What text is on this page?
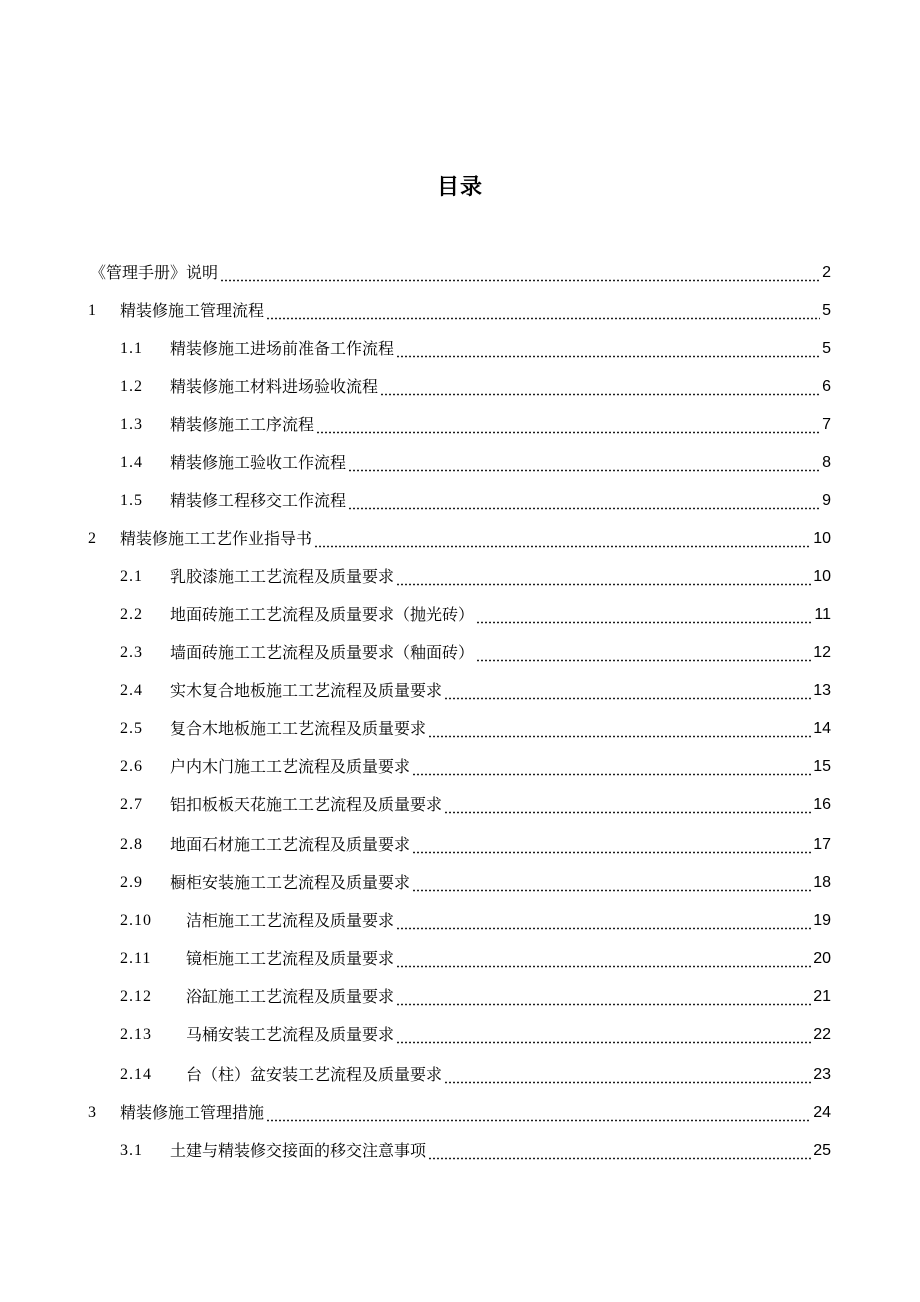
目录
《管理手册》说明	2
1	精装修施工管理流程	5
1.1	精装修施工进场前准备工作流程	5
1.2	精装修施工材料进场验收流程	6
1.3	精装修施工工序流程	7
1.4	精装修施工验收工作流程	8
1.5	精装修工程移交工作流程	9
2	精装修施工工艺作业指导书	10
2.1	乳胶漆施工工艺流程及质量要求	10
2.2	地面砖施工工艺流程及质量要求（抛光砖）	11
2.3	墙面砖施工工艺流程及质量要求（釉面砖）	12
2.4	实木复合地板施工工艺流程及质量要求	13
2.5	复合木地板施工工艺流程及质量要求	14
2.6	户内木门施工工艺流程及质量要求	15
2.7	铝扣板板天花施工工艺流程及质量要求	16
2.8	地面石材施工工艺流程及质量要求	17
2.9	橱柜安装施工工艺流程及质量要求	18
2.10	洁柜施工工艺流程及质量要求	19
2.11	镜柜施工工艺流程及质量要求	20
2.12	浴缸施工工艺流程及质量要求	21
2.13	马桶安装工艺流程及质量要求	22
2.14	台（柱）盆安装工艺流程及质量要求	23
3	精装修施工管理措施	24
3.1	土建与精装修交接面的移交注意事项	25
